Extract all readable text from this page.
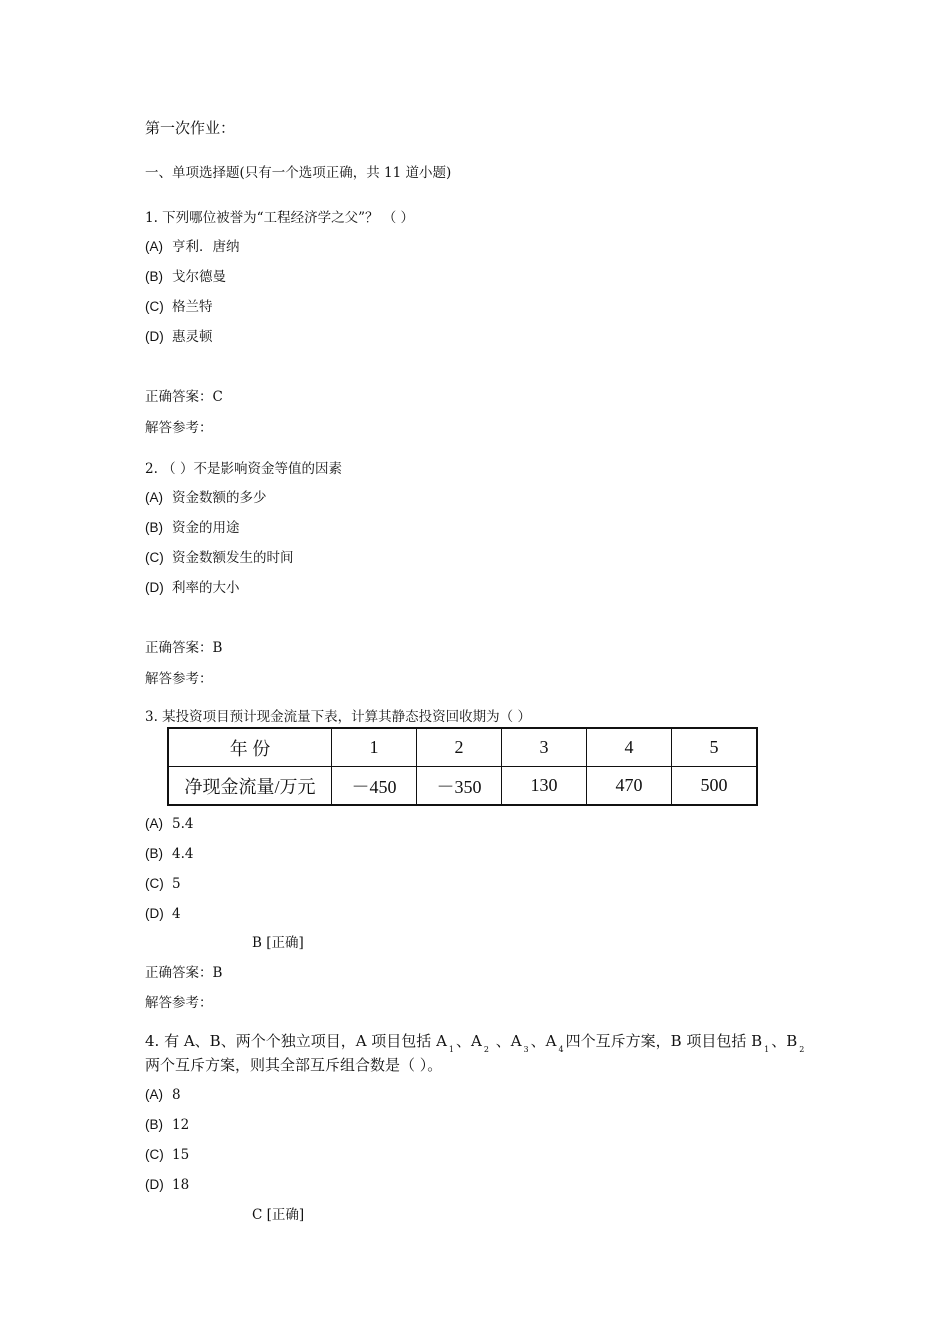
第一次作业：
一、单项选择题(只有一个选项正确，共 11 道小题)
1. 下列哪位被誉为“工程经济学之父”？ （ ）
(A) 亨利．唐纳
(B) 戈尔德曼
(C) 格兰特
(D) 惠灵顿
正确答案：C
解答参考：
2. （ ）不是影响资金等值的因素
(A) 资金数额的多少
(B) 资金的用途
(C) 资金数额发生的时间
(D) 利率的大小
正确答案：B
解答参考：
3. 某投资项目预计现金流量下表，计算其静态投资回收期为（ ）
年 份	1	2	3	4	5
净现金流量/万元	－450	－350	130	470	500
(A) 5.4
(B) 4.4
(C) 5
(D) 4
B [正确]
正确答案：B
解答参考：
4. 有 A、B、两个个独立项目，A 项目包括 A $_1$ 、A $_2$ 、A $_3$ 、A $_4$ 四个互斥方案，B 项目包括 B $_1$ 、B $_2$
两个互斥方案，则其全部互斥组合数是（ ）。
(A) 8
(B) 12
(C) 15
(D) 18
C [正确]
